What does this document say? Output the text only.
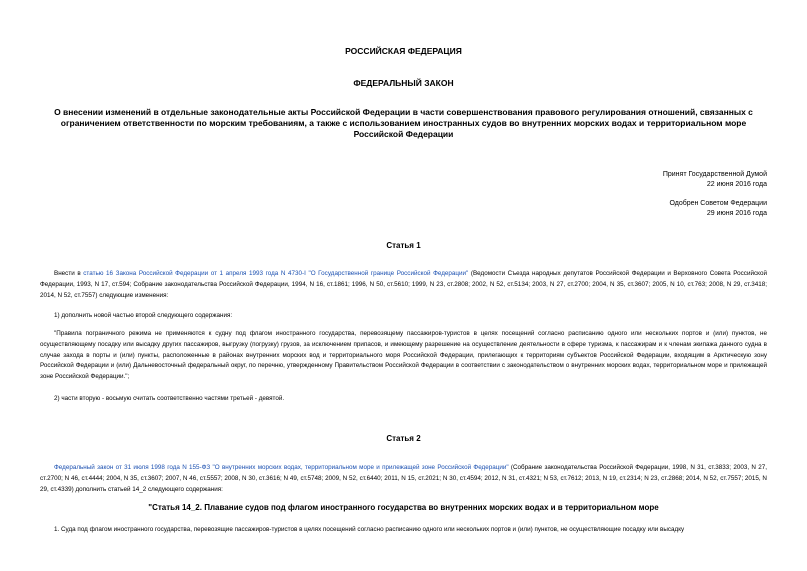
РОССИЙСКАЯ ФЕДЕРАЦИЯ
ФЕДЕРАЛЬНЫЙ ЗАКОН
О внесении изменений в отдельные законодательные акты Российской Федерации в части совершенствования правового регулирования отношений, связанных с ограничением ответственности по морским требованиям, а также с использованием иностранных судов во внутренних морских водах и территориальном море Российской Федерации
Принят Государственной Думой
22 июня 2016 года
Одобрен Советом Федерации
29 июня 2016 года
Статья 1
Внести в статью 16 Закона Российской Федерации от 1 апреля 1993 года N 4730-I "О Государственной границе Российской Федерации" (Ведомости Съезда народных депутатов Российской Федерации и Верховного Совета Российской Федерации, 1993, N 17, ст.594; Собрание законодательства Российской Федерации, 1994, N 16, ст.1861; 1996, N 50, ст.5610; 1999, N 23, ст.2808; 2002, N 52, ст.5134; 2003, N 27, ст.2700; 2004, N 35, ст.3607; 2005, N 10, ст.763; 2008, N 29, ст.3418; 2014, N 52, ст.7557) следующие изменения:
1) дополнить новой частью второй следующего содержания:
"Правила пограничного режима не применяются к судну под флагом иностранного государства, перевозящему пассажиров-туристов в целях посещений согласно расписанию одного или нескольких портов и (или) пунктов, не осуществляющему посадку или высадку других пассажиров, выгрузку (погрузку) грузов, за исключением припасов, и имеющему разрешение на осуществление деятельности в сфере туризма, к пассажирам и к членам экипажа данного судна в случае захода в порты и (или) пункты, расположенные в районах внутренних морских вод и территориального моря Российской Федерации, прилегающих к территориям субъектов Российской Федерации, входящим в Арктическую зону Российской Федерации и (или) Дальневосточный федеральный округ, по перечню, утвержденному Правительством Российской Федерации в соответствии с законодательством о внутренних морских водах, территориальном море и прилежащей зоне Российской Федерации.";
2) части вторую - восьмую считать соответственно частями третьей - девятой.
Статья 2
Федеральный закон от 31 июля 1998 года N 155-ФЗ "О внутренних морских водах, территориальном море и прилежащей зоне Российской Федерации" (Собрание законодательства Российской Федерации, 1998, N 31, ст.3833; 2003, N 27, ст.2700; N 46, ст.4444; 2004, N 35, ст.3607; 2007, N 46, ст.5557; 2008, N 30, ст.3616; N 49, ст.5748; 2009, N 52, ст.6440; 2011, N 15, ст.2021; N 30, ст.4594; 2012, N 31, ст.4321; N 53, ст.7612; 2013, N 19, ст.2314; N 23, ст.2868; 2014, N 52, ст.7557; 2015, N 29, ст.4339) дополнить статьей 14_2 следующего содержания:
"Статья 14_2. Плавание судов под флагом иностранного государства во внутренних морских водах и в территориальном море
1. Суда под флагом иностранного государства, перевозящие пассажиров-туристов в целях посещений согласно расписанию одного или нескольких портов и (или) пунктов, не осуществляющие посадку или высадку
